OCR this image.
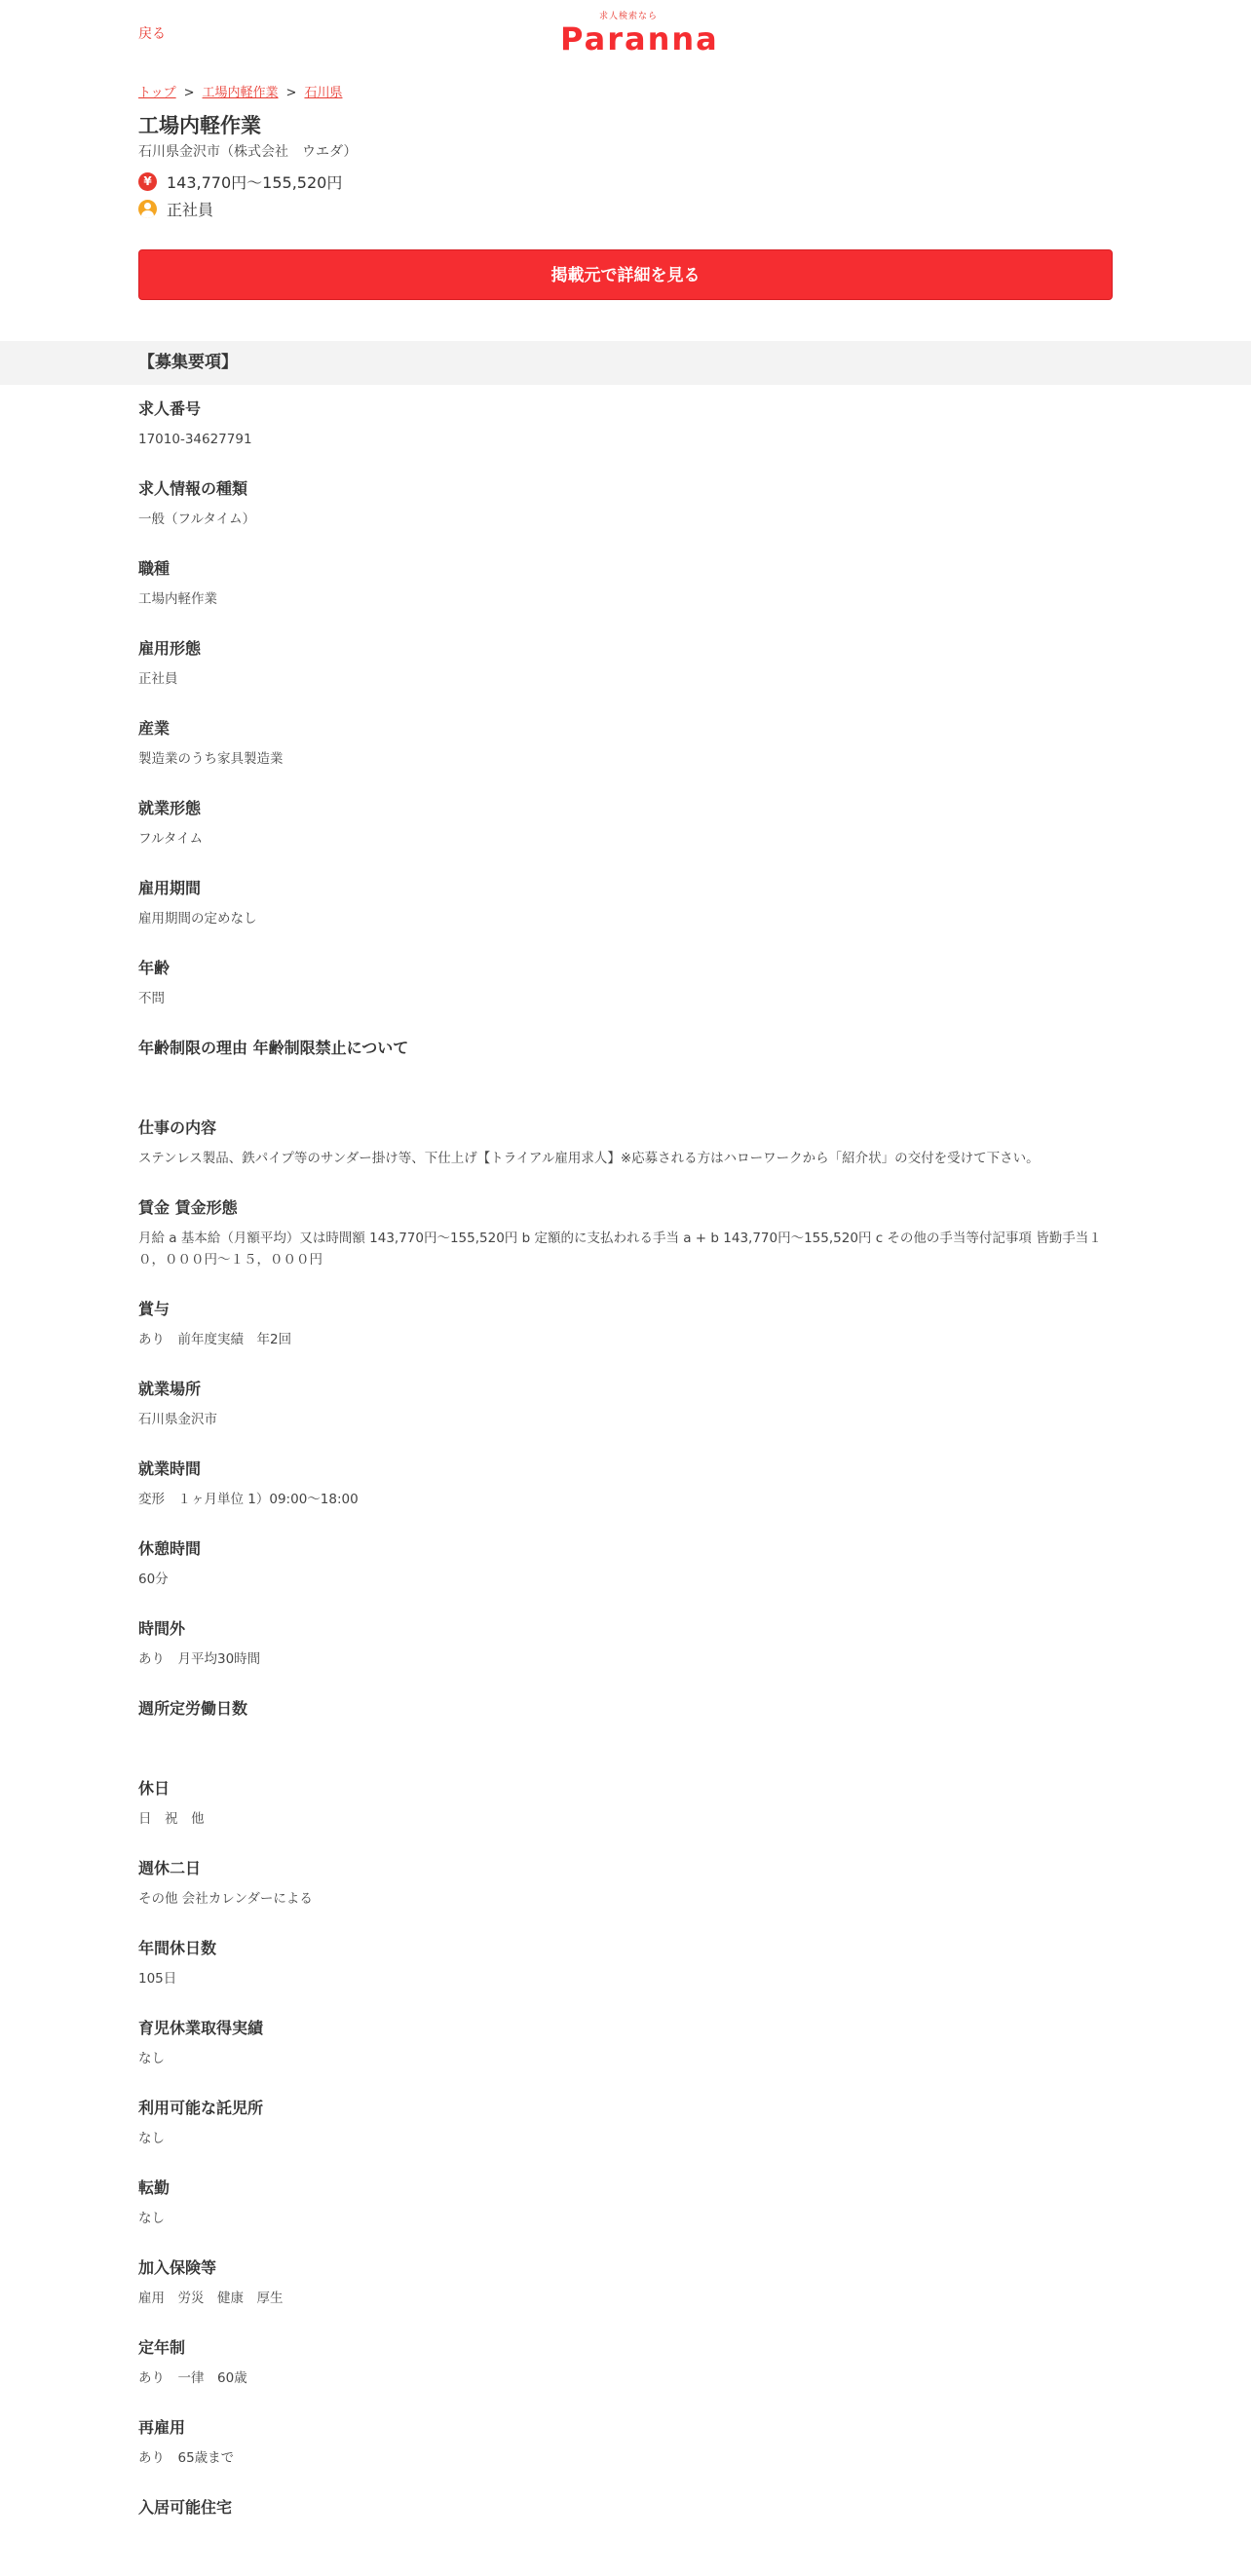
戻る
求人検索なら
Paranna
トップ > 工場内軽作業 > 石川県
工場内軽作業
石川県金沢市（株式会社　ウエダ）
¥ 143,770円～155,520円
正社員
掲載元で詳細を見る
【募集要項】
求人番号
17010-34627791
求人情報の種類
一般（フルタイム）
職種
工場内軽作業
雇用形態
正社員
産業
製造業のうち家具製造業
就業形態
フルタイム
雇用期間
雇用期間の定めなし
年齢
不問
年齢制限の理由 年齢制限禁止について
仕事の内容
ステンレス製品、鉄パイプ等のサンダー掛け等、下仕上げ【トライアル雇用求人】※応募される方はハローワークから「紹介状」の交付を受けて下さい。
賃金 賃金形態
月給 a 基本給（月額平均）又は時間額 143,770円～155,520円 b 定額的に支払われる手当 a + b 143,770円～155,520円 c その他の手当等付記事項 皆勤手当１０，０００円～１５，０００円
賞与
あり　前年度実績　年2回
就業場所
石川県金沢市
就業時間
変形　１ヶ月単位 1）09:00～18:00
休憩時間
60分
時間外
あり　月平均30時間
週所定労働日数
休日
日　祝　他
週休二日
その他 会社カレンダーによる
年間休日数
105日
育児休業取得実績
なし
利用可能な託児所
なし
転勤
なし
加入保険等
雇用　労災　健康　厚生
定年制
あり　一律　60歳
再雇用
あり　65歳まで
入居可能住宅
